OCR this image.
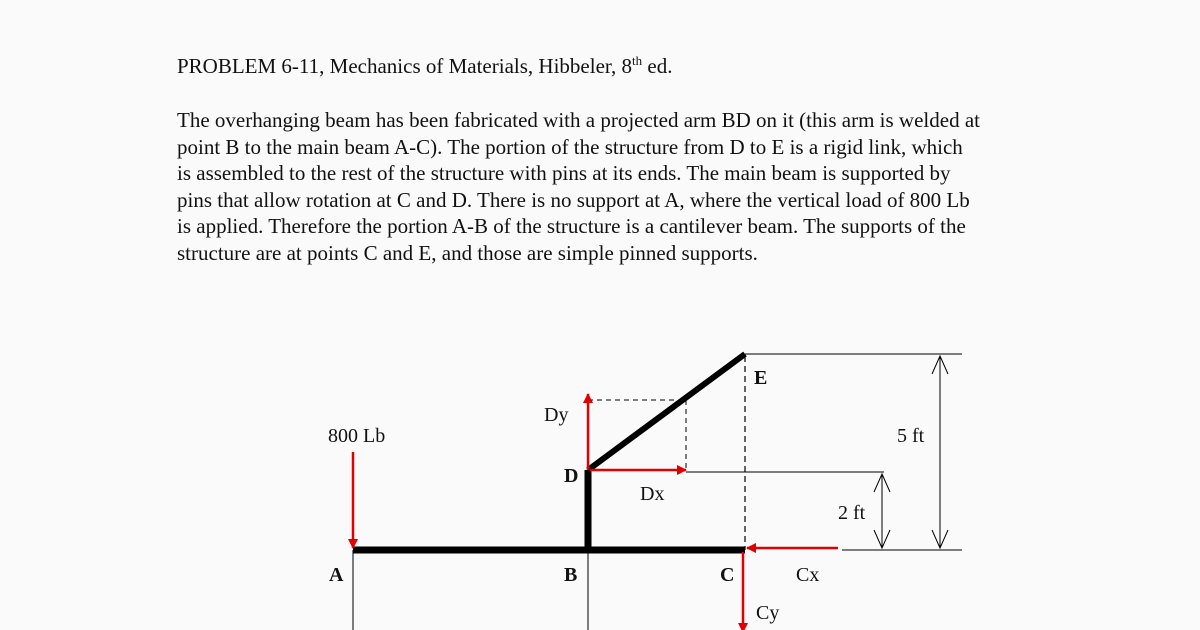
PROBLEM 6-11, Mechanics of Materials, Hibbeler, 8th ed.
The overhanging beam has been fabricated with a projected arm BD on it (this arm is welded at
point B to the main beam A-C). The portion of the structure from D to E is a rigid link, which
is assembled to the rest of the structure with pins at its ends. The main beam is supported by
pins that allow rotation at C and D. There is no support at A, where the vertical load of 800 Lb
is applied. Therefore the portion A-B of the structure is a cantilever beam. The supports of the
structure are at points C and E, and those are simple pinned supports.
A	B	C
D
E
800 Lb
Dy
Dx
Cx
Cy
5 ft
2 ft
